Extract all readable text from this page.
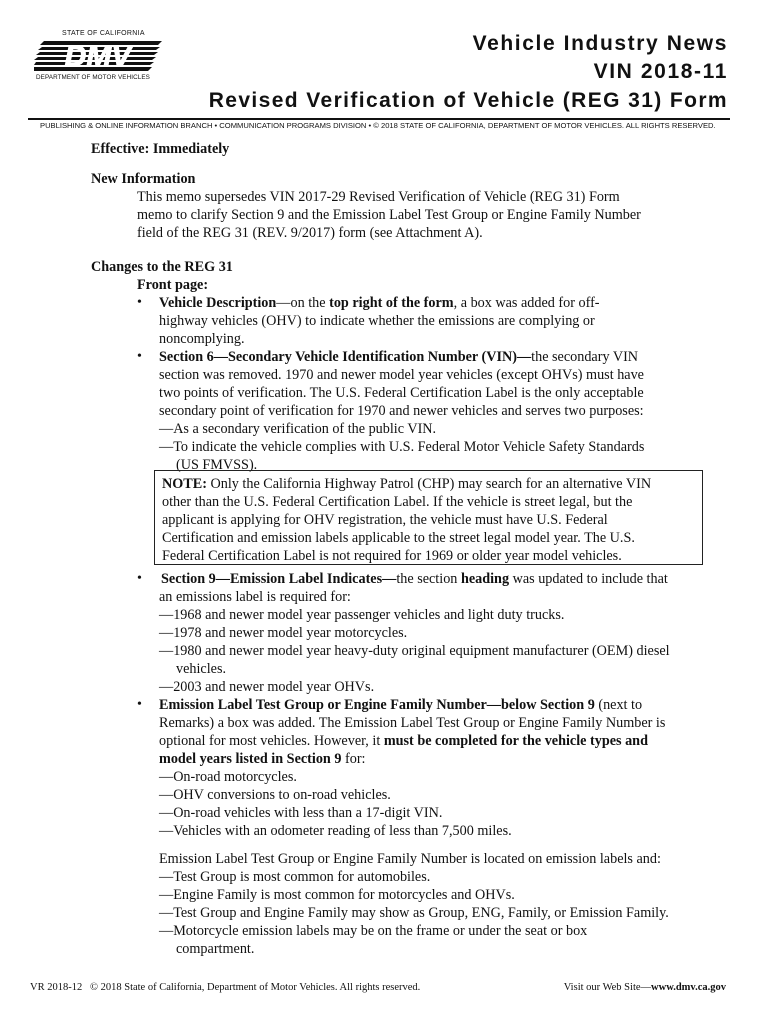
STATE OF CALIFORNIA
DMV
DEPARTMENT OF MOTOR VEHICLES
Vehicle Industry News
VIN 2018-11
Revised Verification of Vehicle (REG 31) Form
PUBLISHING & ONLINE INFORMATION BRANCH • COMMUNICATION PROGRAMS DIVISION • © 2018 STATE OF CALIFORNIA, DEPARTMENT OF MOTOR VEHICLES. ALL RIGHTS RESERVED.
Effective: Immediately
New Information
This memo supersedes VIN 2017-29 Revised Verification of Vehicle (REG 31) Form
memo to clarify Section 9 and the Emission Label Test Group or Engine Family Number
field of the REG 31 (REV. 9/2017) form (see Attachment A).
Changes to the REG 31
Front page:
• Vehicle Description—on the top right of the form, a box was added for off-
highway vehicles (OHV) to indicate whether the emissions are complying or
noncomplying.
• Section 6—Secondary Vehicle Identification Number (VIN)—the secondary VIN
section was removed. 1970 and newer model year vehicles (except OHVs) must have
two points of verification. The U.S. Federal Certification Label is the only acceptable
secondary point of verification for 1970 and newer vehicles and serves two purposes:
—As a secondary verification of the public VIN.
—To indicate the vehicle complies with U.S. Federal Motor Vehicle Safety Standards
(US FMVSS).
NOTE: Only the California Highway Patrol (CHP) may search for an alternative VIN
other than the U.S. Federal Certification Label. If the vehicle is street legal, but the
applicant is applying for OHV registration, the vehicle must have U.S. Federal
Certification and emission labels applicable to the street legal model year. The U.S.
Federal Certification Label is not required for 1969 or older year model vehicles.
• Section 9—Emission Label Indicates—the section heading was updated to include that
an emissions label is required for:
—1968 and newer model year passenger vehicles and light duty trucks.
—1978 and newer model year motorcycles.
—1980 and newer model year heavy-duty original equipment manufacturer (OEM) diesel
vehicles.
—2003 and newer model year OHVs.
• Emission Label Test Group or Engine Family Number—below Section 9 (next to
Remarks) a box was added. The Emission Label Test Group or Engine Family Number is
optional for most vehicles. However, it must be completed for the vehicle types and
model years listed in Section 9 for:
—On-road motorcycles.
—OHV conversions to on-road vehicles.
—On-road vehicles with less than a 17-digit VIN.
—Vehicles with an odometer reading of less than 7,500 miles.
Emission Label Test Group or Engine Family Number is located on emission labels and:
—Test Group is most common for automobiles.
—Engine Family is most common for motorcycles and OHVs.
—Test Group and Engine Family may show as Group, ENG, Family, or Emission Family.
—Motorcycle emission labels may be on the frame or under the seat or box
compartment.
VR 2018-12 © 2018 State of California, Department of Motor Vehicles. All rights reserved.	Visit our Web Site—www.dmv.ca.gov
